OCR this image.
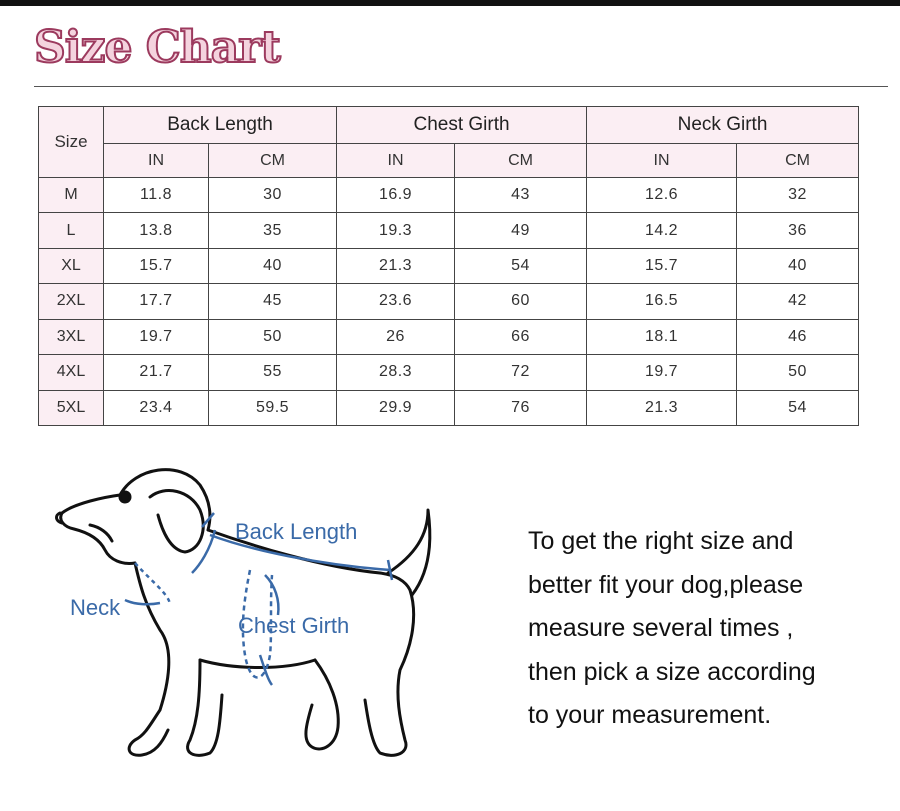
Size Chart
Size	Back Length		Chest Girth		Neck Girth	
	IN	CM	IN	CM	IN	CM
M	11.8	30	16.9	43	12.6	32
L	13.8	35	19.3	49	14.2	36
XL	15.7	40	21.3	54	15.7	40
2XL	17.7	45	23.6	60	16.5	42
3XL	19.7	50	26	66	18.1	46
4XL	21.7	55	28.3	72	19.7	50
5XL	23.4	59.5	29.9	76	21.3	54
Back Length
Neck
Chest Girth

To get the right size and

better fit your dog,please

measure several times ,

then pick a size according

to your measurement.
